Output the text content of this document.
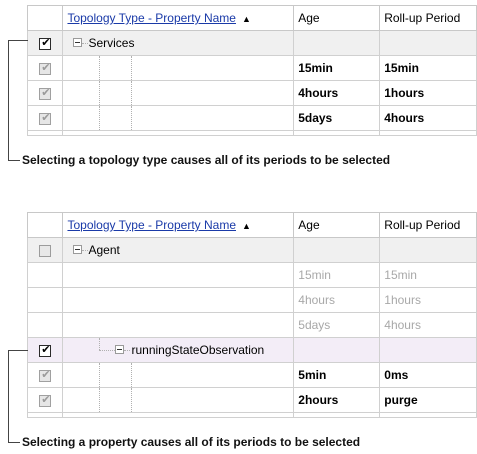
	Topology Type - Property Name ▲	Age	Roll-up Period

✔	Services		

✔		15min	15min

✔		4hours	1hours

✔		5days	4hours

Selecting a topology type causes all of its periods to be selected
	Topology Type - Property Name ▲	Age	Roll-up Period

	Agent		

		15min	15min
		4hours	1hours
		5days	4hours

✔	runningStateObservation		

✔		5min	0ms

✔		2hours	purge

Selecting a property causes all of its periods to be selected
